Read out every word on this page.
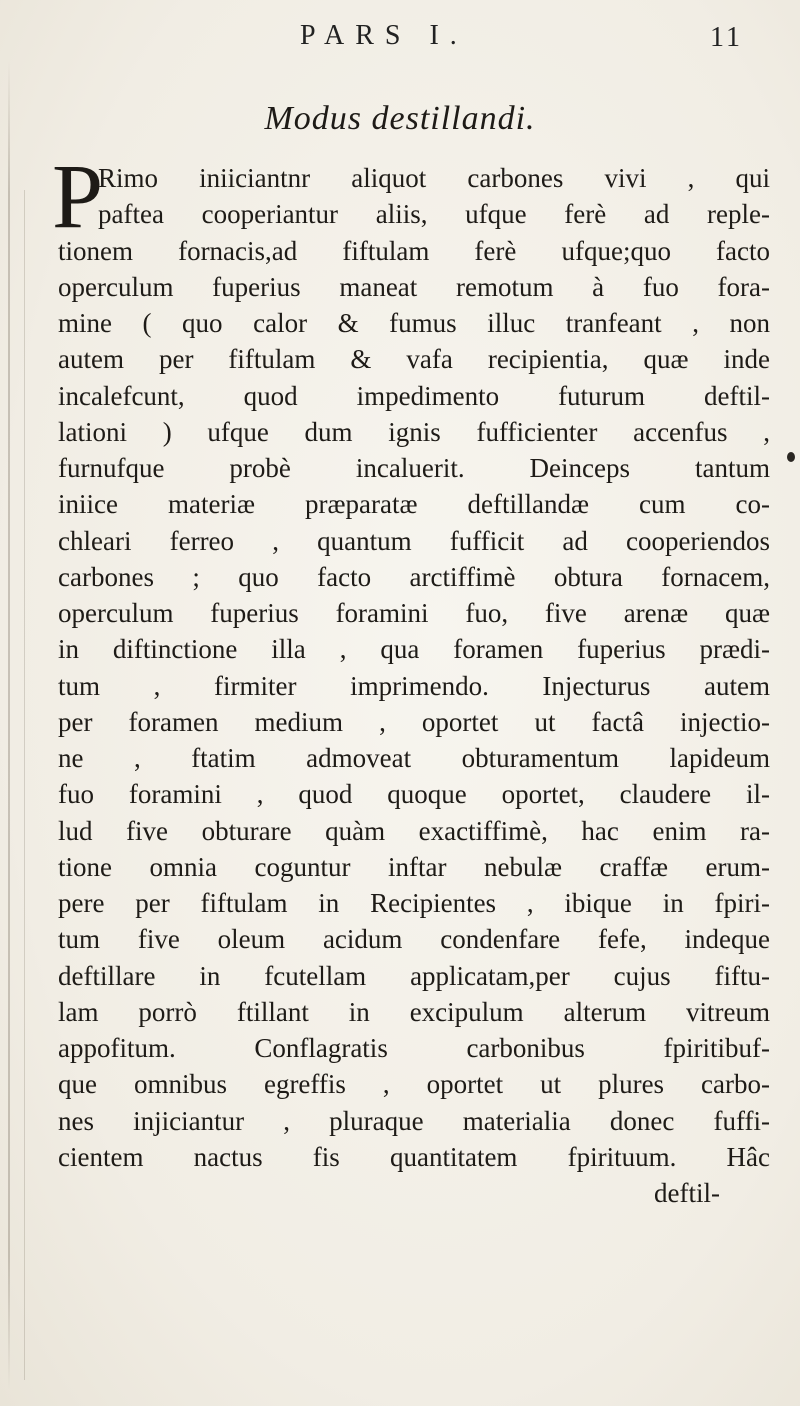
PARS I.	11
Modus destillandi.
P
Rimo iniiciantnr aliquot carbones vivi , qui
paftea cooperiantur aliis, ufque ferè ad reple-
tionem fornacis,ad fiftulam ferè ufque;quo facto
operculum fuperius maneat remotum à fuo fora-
mine ( quo calor & fumus illuc tranfeant , non
autem per fiftulam & vafa recipientia, quæ inde
incalefcunt, quod impedimento futurum deftil-
lationi ) ufque dum ignis fufficienter accenfus ,
furnufque probè incaluerit. Deinceps tantum
iniice materiæ præparatæ deftillandæ cum co-
chleari ferreo , quantum fufficit ad cooperiendos
carbones ; quo facto arctiffimè obtura fornacem,
operculum fuperius foramini fuo, five arenæ quæ
in diftinctione illa , qua foramen fuperius prædi-
tum , firmiter imprimendo. Injecturus autem
per foramen medium , oportet ut factâ injectio-
ne , ftatim admoveat obturamentum lapideum
fuo foramini , quod quoque oportet, claudere il-
lud five obturare quàm exactiffimè, hac enim ra-
tione omnia coguntur inftar nebulæ craffæ erum-
pere per fiftulam in Recipientes , ibique in fpiri-
tum five oleum acidum condenfare fefe, indeque
deftillare in fcutellam applicatam,per cujus fiftu-
lam porrò ftillant in excipulum alterum vitreum
appofitum. Conflagratis carbonibus fpiritibuf-
que omnibus egreffis , oportet ut plures carbo-
nes injiciantur , pluraque materialia donec fuffi-
cientem nactus fis quantitatem fpirituum. Hâc
deftil-
